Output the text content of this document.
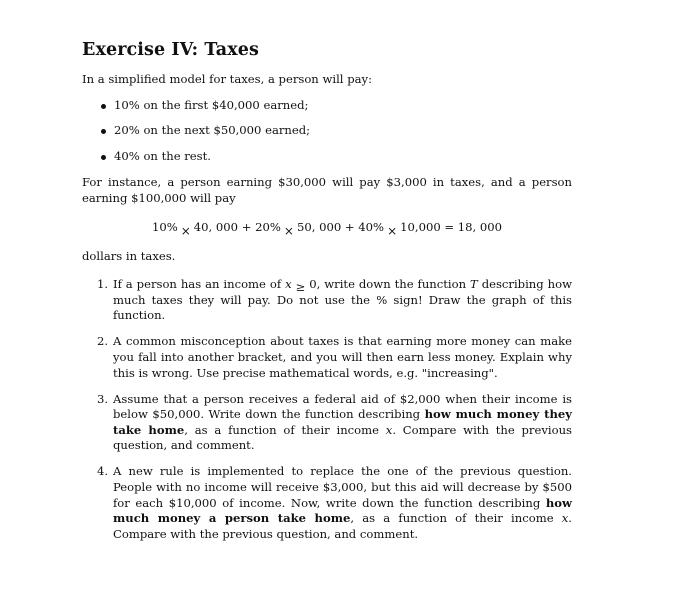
Exercise IV: Taxes

In a simplified model for taxes, a person will pay:

10% on the first $40,000 earned;
20% on the next $50,000 earned;
40% on the rest.

For instance, a person earning $30,000 will pay $3,000 in taxes, and a person earning $100,000 will pay

10% × 40, 000 + 20% × 50, 000 + 40% × 10,000 = 18, 000

dollars in taxes.

1. If a person has an income of x ≥ 0, write down the function T describing how much taxes they will pay. Do not use the % sign! Draw the graph of this function.
2. A common misconception about taxes is that earning more money can make you fall into another bracket, and you will then earn less money. Explain why this is wrong. Use precise mathematical words, e.g. "increasing".
3. Assume that a person receives a federal aid of $2,000 when their income is below $50,000. Write down the function describing how much money they take home, as a function of their income x. Compare with the previous question, and comment.
4. A new rule is implemented to replace the one of the previous question. People with no income will receive $3,000, but this aid will decrease by $500 for each $10,000 of income. Now, write down the function describing how much money a person take home, as a function of their income x. Compare with the previous question, and comment.
